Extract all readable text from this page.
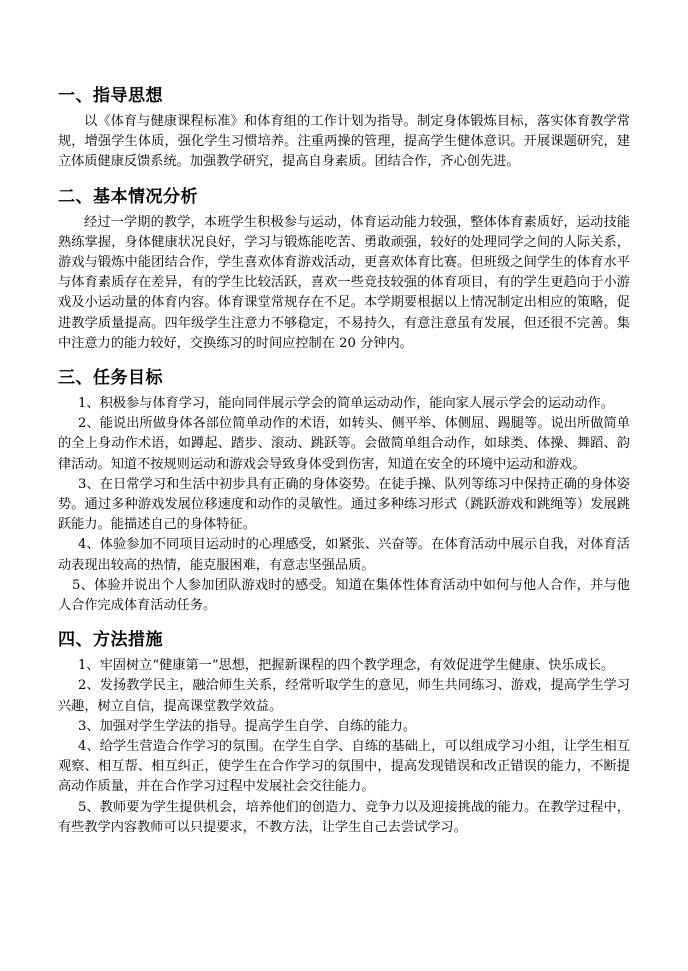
一、指导思想

以《体育与健康课程标准》和体育组的工作计划为指导。制定身体锻炼目标，落实体育教学常规，增强学生体质，强化学生习惯培养。注重两操的管理，提高学生健体意识。开展课题研究，建立体质健康反馈系统。加强教学研究，提高自身素质。团结合作，齐心创先进。

二、基本情况分析

经过一学期的教学，本班学生积极参与运动，体育运动能力较强，整体体育素质好，运动技能熟练掌握，身体健康状况良好，学习与锻炼能吃苦、勇敢顽强，较好的处理同学之间的人际关系，游戏与锻炼中能团结合作，学生喜欢体育游戏活动，更喜欢体育比赛。但班级之间学生的体育水平与体育素质存在差异，有的学生比较活跃，喜欢一些竞技较强的体育项目，有的学生更趋向于小游戏及小运动量的体育内容。体育课堂常规存在不足。本学期要根据以上情况制定出相应的策略，促进教学质量提高。四年级学生注意力不够稳定，不易持久，有意注意虽有发展，但还很不完善。集中注意力的能力较好，交换练习的时间应控制在 20 分钟内。

三、任务目标

1、积极参与体育学习，能向同伴展示学会的简单运动动作，能向家人展示学会的运动动作。

2、能说出所做身体各部位简单动作的术语，如转头、侧平举、体侧屈、踢腿等。说出所做简单的全上身动作术语，如蹲起、踏步、滚动、跳跃等。会做简单组合动作，如球类、体操、舞蹈、韵律活动。知道不按规则运动和游戏会导致身体受到伤害，知道在安全的环境中运动和游戏。

3、在日常学习和生活中初步具有正确的身体姿势。在徒手操、队列等练习中保持正确的身体姿势。通过多种游戏发展位移速度和动作的灵敏性。通过多种练习形式（跳跃游戏和跳绳等）发展跳跃能力。能描述自己的身体特征。

4、体验参加不同项目运动时的心理感受，如紧张、兴奋等。在体育活动中展示自我，对体育活动表现出较高的热情，能克服困难，有意志坚强品质。

5、体验并说出个人参加团队游戏时的感受。知道在集体性体育活动中如何与他人合作，并与他人合作完成体育活动任务。

四、方法措施

1、牢固树立“健康第一”思想，把握新课程的四个教学理念，有效促进学生健康、快乐成长。

2、发扬教学民主，融洽师生关系，经常听取学生的意见，师生共同练习、游戏，提高学生学习兴趣，树立自信，提高课堂教学效益。

3、加强对学生学法的指导。提高学生自学、自练的能力。

4、给学生营造合作学习的氛围。在学生自学、自练的基础上，可以组成学习小组，让学生相互观察、相互帮、相互纠正，使学生在合作学习的氛围中，提高发现错误和改正错误的能力，不断提高动作质量，并在合作学习过程中发展社会交往能力。

5、教师要为学生提供机会，培养他们的创造力、竞争力以及迎接挑战的能力。在教学过程中，有些教学内容教师可以只提要求，不教方法，让学生自己去尝试学习。
